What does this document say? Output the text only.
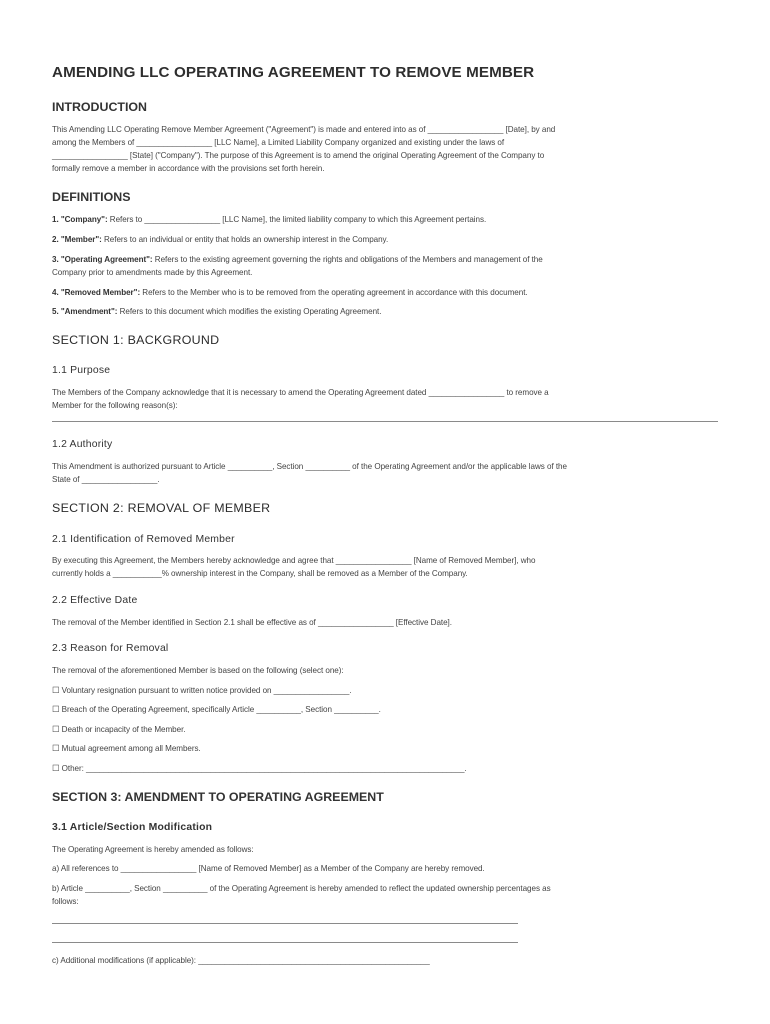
AMENDING LLC OPERATING AGREEMENT TO REMOVE MEMBER
INTRODUCTION
This Amending LLC Operating Remove Member Agreement ("Agreement") is made and entered into as of _________________ [Date], by and
among the Members of _________________ [LLC Name], a Limited Liability Company organized and existing under the laws of
_________________ [State] ("Company"). The purpose of this Agreement is to amend the original Operating Agreement of the Company to
formally remove a member in accordance with the provisions set forth herein.
DEFINITIONS
1. "Company": Refers to _________________ [LLC Name], the limited liability company to which this Agreement pertains.
2. "Member": Refers to an individual or entity that holds an ownership interest in the Company.
3. "Operating Agreement": Refers to the existing agreement governing the rights and obligations of the Members and management of the
Company prior to amendments made by this Agreement.
4. "Removed Member": Refers to the Member who is to be removed from the operating agreement in accordance with this document.
5. "Amendment": Refers to this document which modifies the existing Operating Agreement.
SECTION 1: BACKGROUND
1.1 Purpose
The Members of the Company acknowledge that it is necessary to amend the Operating Agreement dated _________________ to remove a
Member for the following reason(s):
1.2 Authority
This Amendment is authorized pursuant to Article __________, Section __________ of the Operating Agreement and/or the applicable laws of the
State of _________________.
SECTION 2: REMOVAL OF MEMBER
2.1 Identification of Removed Member
By executing this Agreement, the Members hereby acknowledge and agree that _________________ [Name of Removed Member], who
currently holds a ___________% ownership interest in the Company, shall be removed as a Member of the Company.
2.2 Effective Date
The removal of the Member identified in Section 2.1 shall be effective as of _________________ [Effective Date].
2.3 Reason for Removal
The removal of the aforementioned Member is based on the following (select one):
☐ Voluntary resignation pursuant to written notice provided on _________________.
☐ Breach of the Operating Agreement, specifically Article __________, Section __________.
☐ Death or incapacity of the Member.
☐ Mutual agreement among all Members.
☐ Other: _____________________________________________________________________________________.
SECTION 3: AMENDMENT TO OPERATING AGREEMENT
3.1 Article/Section Modification
The Operating Agreement is hereby amended as follows:
a) All references to _________________ [Name of Removed Member] as a Member of the Company are hereby removed.
b) Article __________, Section __________ of the Operating Agreement is hereby amended to reflect the updated ownership percentages as
follows:
c) Additional modifications (if applicable): ____________________________________________________
